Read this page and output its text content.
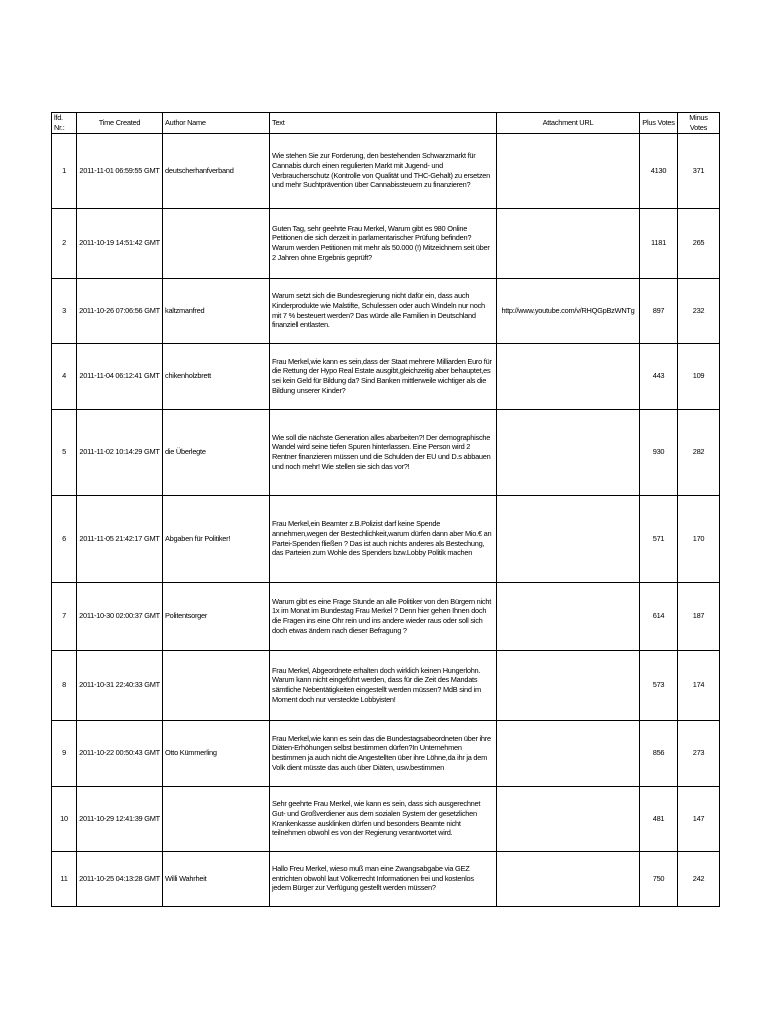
lfd. Nr.:	Time Created	Author Name	Text	Attachment URL	Plus Votes	Minus Votes
1	2011-11-01 06:59:55 GMT	deutscherhanfverband	Wie stehen Sie zur Forderung, den bestehenden Schwarzmarkt für Cannabis durch einen regulierten Markt mit Jugend- und Verbraucherschutz (Kontrolle von Qualität und THC-Gehalt) zu ersetzen und mehr Suchtprävention über Cannabissteuern zu finanzieren?		4130	371
2	2011-10-19 14:51:42 GMT		Guten Tag, sehr geehrte Frau Merkel, Warum gibt es 980 Online Petitionen die sich derzeit in parlamentarischer Prüfung befinden? Warum werden Petitionen mit mehr als 50.000 (!) Mitzeichnern seit über 2 Jahren ohne Ergebnis geprüft?		1181	265
3	2011-10-26 07:06:56 GMT	kaltzmanfred	Warum setzt sich die Bundesregierung nicht dafür ein, dass auch Kinderprodukte wie Malstifte, Schulessen oder auch Windeln nur noch mit 7 % besteuert werden? Das würde alle Familien in Deutschland finanziell entlasten.	http://www.youtube.com/v/RHQGpBzWNTg	897	232
4	2011-11-04 06:12:41 GMT	chikenholzbrett	Frau Merkel,wie kann es sein,dass der Staat mehrere Milliarden Euro für die Rettung der Hypo Real Estate ausgibt,gleichzeitig aber behauptet,es sei kein Geld für Bildung da? Sind Banken mittlerweile wichtiger als die Bildung unserer Kinder?		443	109
5	2011-11-02 10:14:29 GMT	die Überlegte	Wie soll die nächste Generation alles abarbeiten?! Der demographische Wandel wird seine tiefen Spuren hinterlassen. Eine Person wird 2 Rentner finanzieren müssen und die Schulden der EU und D.s abbauen und noch mehr! Wie stellen sie sich das vor?!		930	282
6	2011-11-05 21:42:17 GMT	Abgaben für Politiker!	Frau Merkel,ein Beamter z.B.Polizist darf keine Spende annehmen,wegen der Bestechlichkeit,warum dürfen dann aber Mio.€ an Partei-Spenden fließen ? Das ist auch nichts anderes als Bestechung, das Parteien zum Wohle des Spenders bzw.Lobby Politik machen		571	170
7	2011-10-30 02:00:37 GMT	Politentsorger	Warum gibt es eine Frage Stunde an alle Politiker von den Bürgern nicht 1x im Monat im Bundestag Frau Merkel ? Denn hier gehen Ihnen doch die Fragen ins eine Ohr rein und ins andere wieder raus oder soll sich doch etwas ändern nach dieser Befragung ?		614	187
8	2011-10-31 22:40:33 GMT		Frau Merkel, Abgeordnete erhalten doch wirklich keinen Hungerlohn. Warum kann nicht eingeführt werden, dass für die Zeit des Mandats sämtliche Nebentätigkeiten eingestellt werden müssen? MdB sind im Moment doch nur versteckte Lobbyisten!		573	174
9	2011-10-22 00:50:43 GMT	Otto Kümmerling	Frau Merkel,wie kann es sein das die Bundestagsabeordneten über ihre Diäten-Erhöhungen selbst bestimmen dürfen?In Unternehmen bestimmen ja auch nicht die Angestellten über ihre Löhne,da ihr ja dem Volk dient müsste das auch über Diäten, usw.bestimmen		856	273
10	2011-10-29 12:41:39 GMT		Sehr geehrte Frau Merkel, wie kann es sein, dass sich ausgerechnet Gut- und Großverdiener aus dem sozialen System der gesetzlichen Krankenkasse ausklinken dürfen und besonders Beamte nicht teilnehmen obwohl es von der Regierung verantwortet wird.		481	147
11	2011-10-25 04:13:28 GMT	Willi Wahrheit	Hallo Freu Merkel, wieso muß man eine Zwangsabgabe via GEZ entrichten obwohl laut Völkerrecht Informationen frei und kostenlos jedem Bürger zur Verfügung gestellt werden müssen?		750	242
